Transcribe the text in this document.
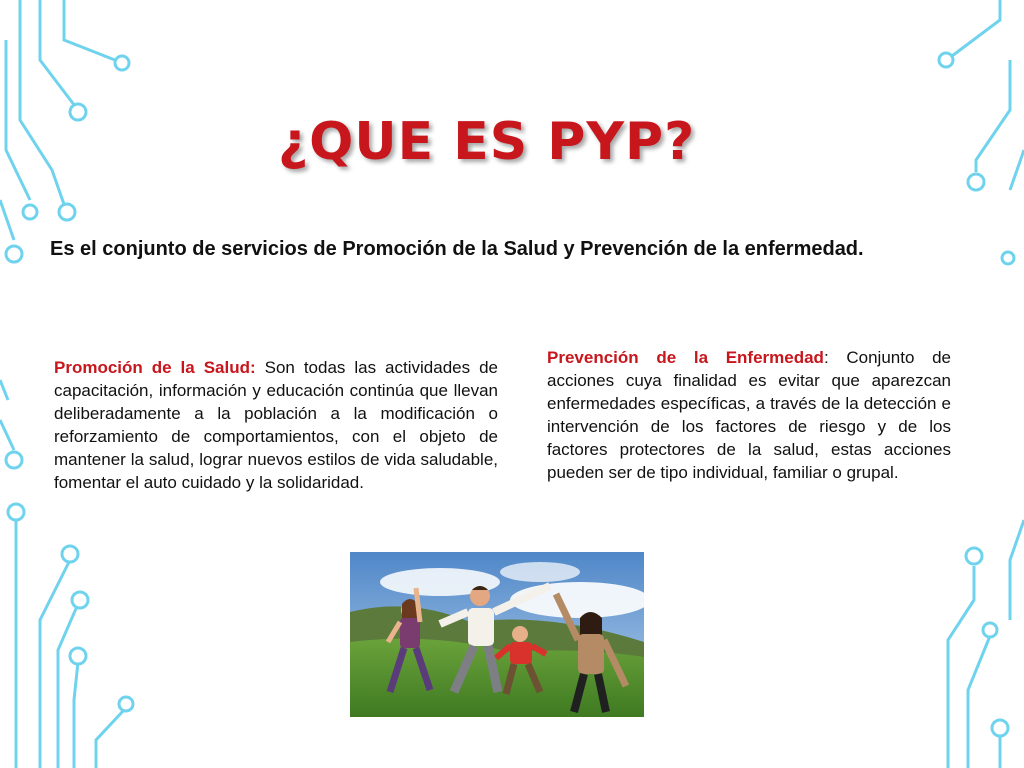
¿QUE ES PYP?

Es el conjunto de servicios de Promoción de la Salud y Prevención de la enfermedad.

Promoción de la Salud: Son todas las actividades de capacitación, información y educación continúa que llevan deliberadamente a la población a la modificación o reforzamiento de comportamientos, con el objeto de mantener la salud, lograr nuevos estilos de vida saludable, fomentar el auto cuidado y la solidaridad.

Prevención de la Enfermedad: Conjunto de acciones cuya finalidad es evitar que aparezcan enfermedades específicas, a través de la detección e intervención de los factores de riesgo y de los factores protectores de la salud, estas acciones pueden ser de tipo individual, familiar o grupal.
